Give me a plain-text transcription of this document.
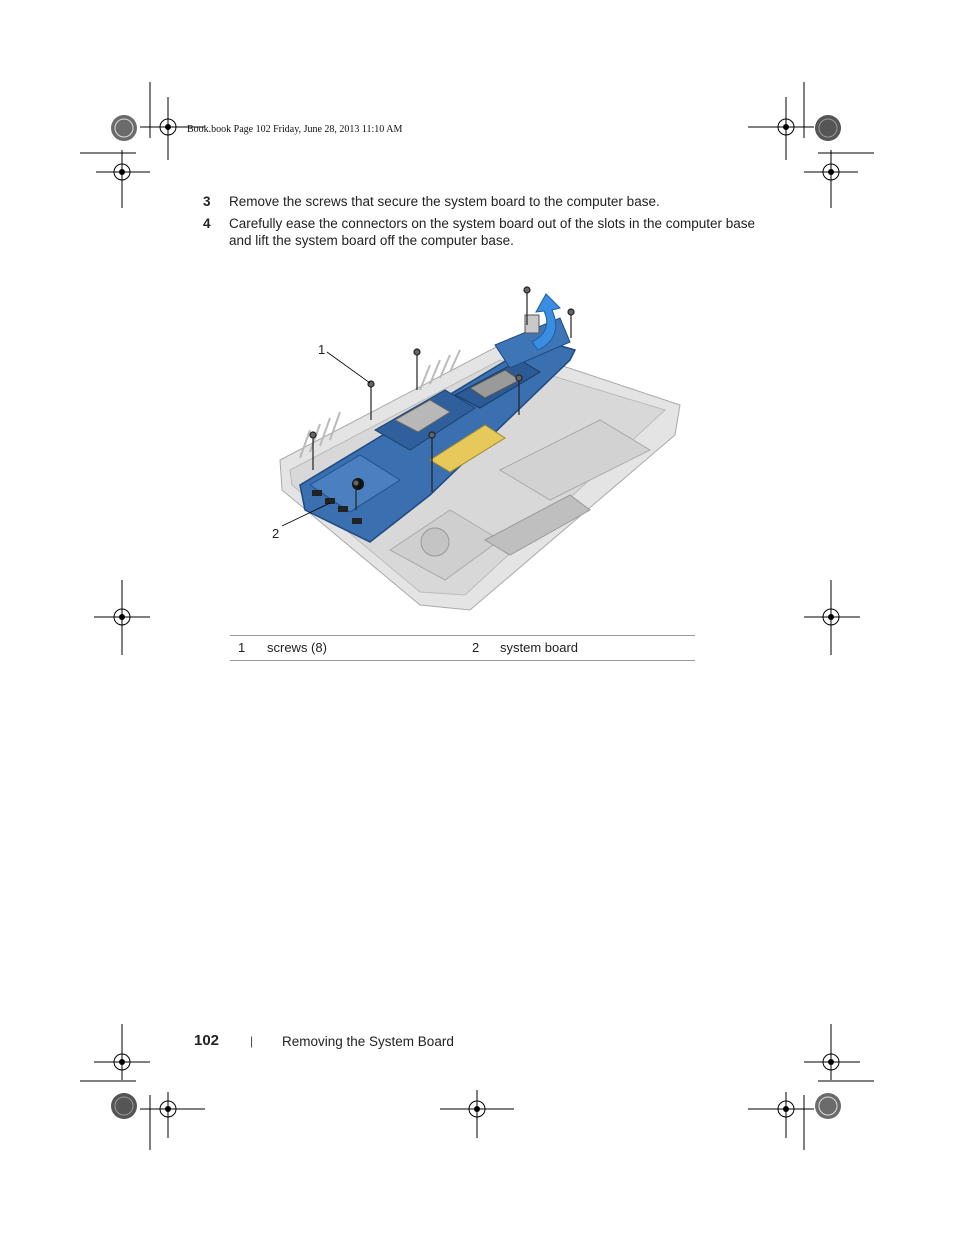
Book.book Page 102 Friday, June 28, 2013 11:10 AM
3 Remove the screws that secure the system board to the computer base.
4 Carefully ease the connectors on the system board out of the slots in the computer base and lift the system board off the computer base.
1
2
1 screws (8)	2 system board
102	| Removing the System Board
